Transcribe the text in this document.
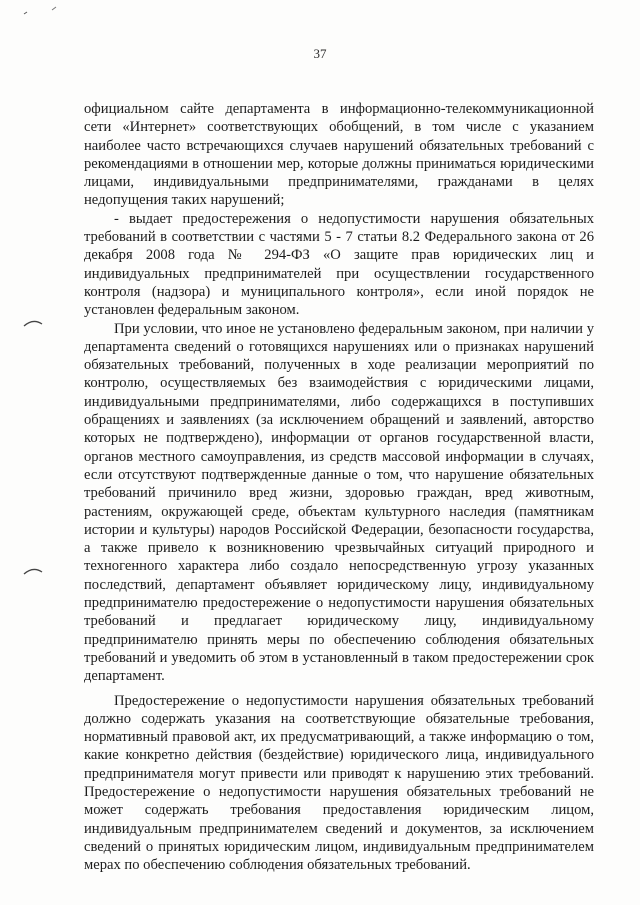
37

официальном сайте департамента в информационно-телекоммуникационной сети «Интернет» соответствующих обобщений, в том числе с указанием наиболее часто встречающихся случаев нарушений обязательных требований с рекомендациями в отношении мер, которые должны приниматься юридическими лицами, индивидуальными предпринимателями, гражданами в целях недопущения таких нарушений;

- выдает предостережения о недопустимости нарушения обязательных требований в соответствии с частями 5 - 7 статьи 8.2 Федерального закона от 26 декабря 2008 года № 294-ФЗ «О защите прав юридических лиц и индивидуальных предпринимателей при осуществлении государственного контроля (надзора) и муниципального контроля», если иной порядок не установлен федеральным законом.

При условии, что иное не установлено федеральным законом, при наличии у департамента сведений о готовящихся нарушениях или о признаках нарушений обязательных требований, полученных в ходе реализации мероприятий по контролю, осуществляемых без взаимодействия с юридическими лицами, индивидуальными предпринимателями, либо содержащихся в поступивших обращениях и заявлениях (за исключением обращений и заявлений, авторство которых не подтверждено), информации от органов государственной власти, органов местного самоуправления, из средств массовой информации в случаях, если отсутствуют подтвержденные данные о том, что нарушение обязательных требований причинило вред жизни, здоровью граждан, вред животным, растениям, окружающей среде, объектам культурного наследия (памятникам истории и культуры) народов Российской Федерации, безопасности государства, а также привело к возникновению чрезвычайных ситуаций природного и техногенного характера либо создало непосредственную угрозу указанных последствий, департамент объявляет юридическому лицу, индивидуальному предпринимателю предостережение о недопустимости нарушения обязательных требований и предлагает юридическому лицу, индивидуальному предпринимателю принять меры по обеспечению соблюдения обязательных требований и уведомить об этом в установленный в таком предостережении срок департамент.

Предостережение о недопустимости нарушения обязательных требований должно содержать указания на соответствующие обязательные требования, нормативный правовой акт, их предусматривающий, а также информацию о том, какие конкретно действия (бездействие) юридического лица, индивидуального предпринимателя могут привести или приводят к нарушению этих требований. Предостережение о недопустимости нарушения обязательных требований не может содержать требования предоставления юридическим лицом, индивидуальным предпринимателем сведений и документов, за исключением сведений о принятых юридическим лицом, индивидуальным предпринимателем мерах по обеспечению соблюдения обязательных требований.
